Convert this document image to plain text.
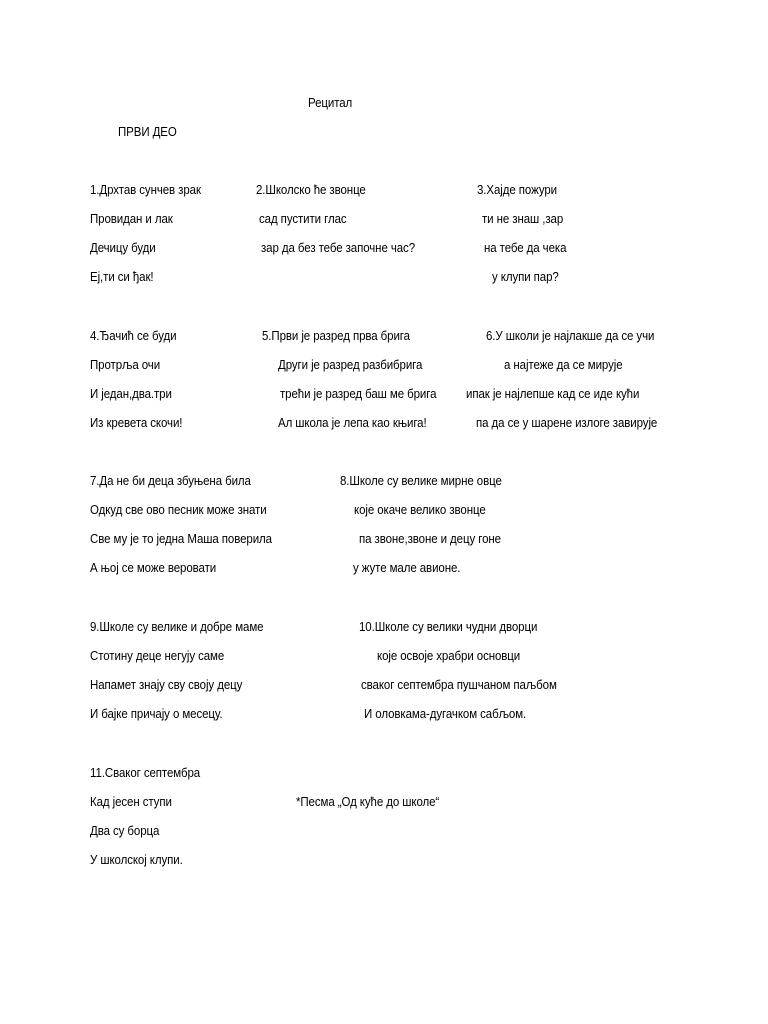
Рецитал
ПРВИ ДЕО
1.Дрхтав сунчев зрак
Провидан и лак
Дечицу буди
Еј,ти си ђак!
2.Школско ће звонце
сад пустити глас
зар да без тебе започне час?
3.Хајде пожури
ти не знаш ,зар
на тебе да чека
у клупи пар?
4.Ђачић се буди
Протрља очи
И један,два.три
Из кревета скочи!
5.Први је разред прва брига
Други је разред разбибрига
трећи је разред баш ме брига
Ал школа је лепа као књига!
6.У школи је најлакше да се учи
а најтеже да се мирује
ипак је најлепше кад се иде кући
па да се у шарене излоге завирује
7.Да не би деца збуњена била
Одкуд све ово песник може знати
Све му је то једна Маша поверила
А њој се може веровати
8.Школе су велике мирне овце
које окаче велико звонце
па звоне,звоне и децу гоне
у жуте мале авионе.
9.Школе су велике и добре маме
Стотину деце негују саме
Напамет знају сву своју децу
И бајке причају о месецу.
10.Школе су велики чудни дворци
које освоје храбри основци
сваког септембра пушчаном паљбом
И оловкама-дугачком сабљом.
11.Сваког септембра
Кад јесен ступи
Два су борца
У школској клупи.
*Песма „Од куће до школе“
